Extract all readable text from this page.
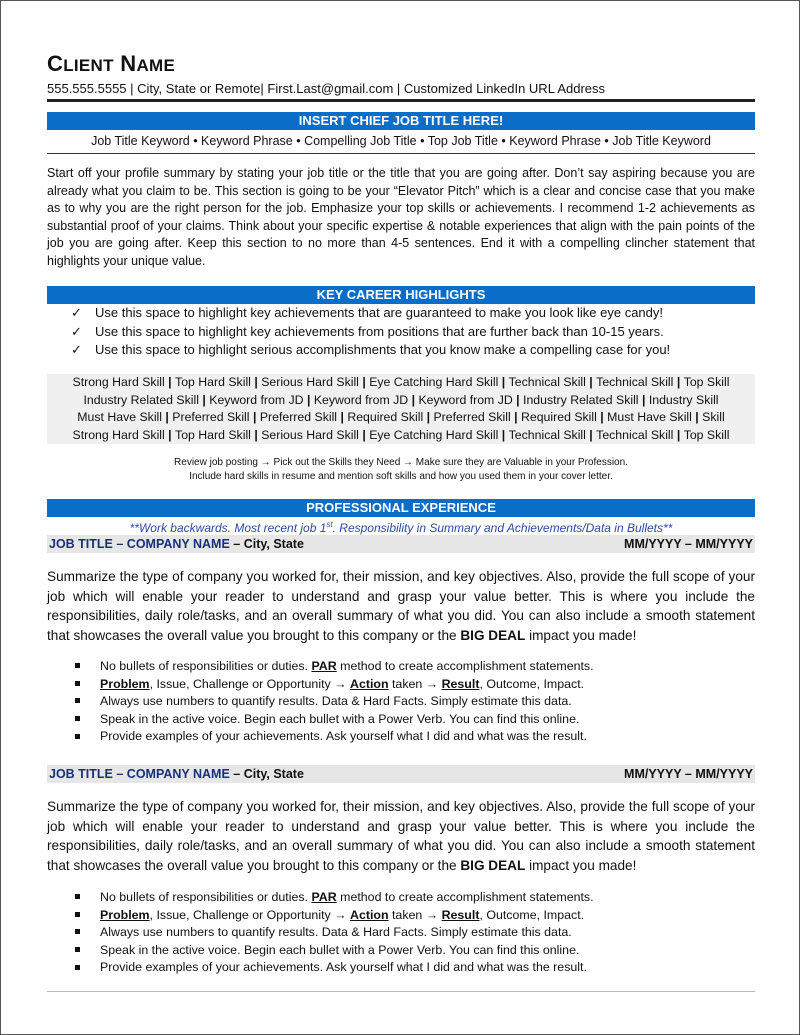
CLIENT NAME
555.555.5555 | City, State or Remote| First.Last@gmail.com | Customized LinkedIn URL Address
INSERT CHIEF JOB TITLE HERE!
Job Title Keyword • Keyword Phrase • Compelling Job Title • Top Job Title • Keyword Phrase • Job Title Keyword
Start off your profile summary by stating your job title or the title that you are going after. Don’t say aspiring because you are already what you claim to be. This section is going to be your “Elevator Pitch” which is a clear and concise case that you make as to why you are the right person for the job. Emphasize your top skills or achievements. I recommend 1-2 achievements as substantial proof of your claims. Think about your specific expertise & notable experiences that align with the pain points of the job you are going after. Keep this section to no more than 4-5 sentences. End it with a compelling clincher statement that highlights your unique value.
KEY CAREER HIGHLIGHTS
✓ Use this space to highlight key achievements that are guaranteed to make you look like eye candy!
✓ Use this space to highlight key achievements from positions that are further back than 10-15 years.
✓ Use this space to highlight serious accomplishments that you know make a compelling case for you!
Strong Hard Skill | Top Hard Skill | Serious Hard Skill | Eye Catching Hard Skill | Technical Skill | Technical Skill | Top Skill
Industry Related Skill | Keyword from JD | Keyword from JD | Keyword from JD | Industry Related Skill | Industry Skill
Must Have Skill | Preferred Skill | Preferred Skill | Required Skill | Preferred Skill | Required Skill | Must Have Skill | Skill
Strong Hard Skill | Top Hard Skill | Serious Hard Skill | Eye Catching Hard Skill | Technical Skill | Technical Skill | Top Skill
Review job posting → Pick out the Skills they Need → Make sure they are Valuable in your Profession.
Include hard skills in resume and mention soft skills and how you used them in your cover letter.
PROFESSIONAL EXPERIENCE
**Work backwards. Most recent job 1st. Responsibility in Summary and Achievements/Data in Bullets**
JOB TITLE – COMPANY NAME – City, State	MM/YYYY – MM/YYYY
Summarize the type of company you worked for, their mission, and key objectives. Also, provide the full scope of your job which will enable your reader to understand and grasp your value better. This is where you include the responsibilities, daily role/tasks, and an overall summary of what you did. You can also include a smooth statement that showcases the overall value you brought to this company or the BIG DEAL impact you made!
No bullets of responsibilities or duties. PAR method to create accomplishment statements.
Problem, Issue, Challenge or Opportunity → Action taken → Result, Outcome, Impact.
Always use numbers to quantify results. Data & Hard Facts. Simply estimate this data.
Speak in the active voice. Begin each bullet with a Power Verb. You can find this online.
Provide examples of your achievements. Ask yourself what I did and what was the result.
JOB TITLE – COMPANY NAME – City, State	MM/YYYY – MM/YYYY
Summarize the type of company you worked for, their mission, and key objectives. Also, provide the full scope of your job which will enable your reader to understand and grasp your value better. This is where you include the responsibilities, daily role/tasks, and an overall summary of what you did. You can also include a smooth statement that showcases the overall value you brought to this company or the BIG DEAL impact you made!
No bullets of responsibilities or duties. PAR method to create accomplishment statements.
Problem, Issue, Challenge or Opportunity → Action taken → Result, Outcome, Impact.
Always use numbers to quantify results. Data & Hard Facts. Simply estimate this data.
Speak in the active voice. Begin each bullet with a Power Verb. You can find this online.
Provide examples of your achievements. Ask yourself what I did and what was the result.
